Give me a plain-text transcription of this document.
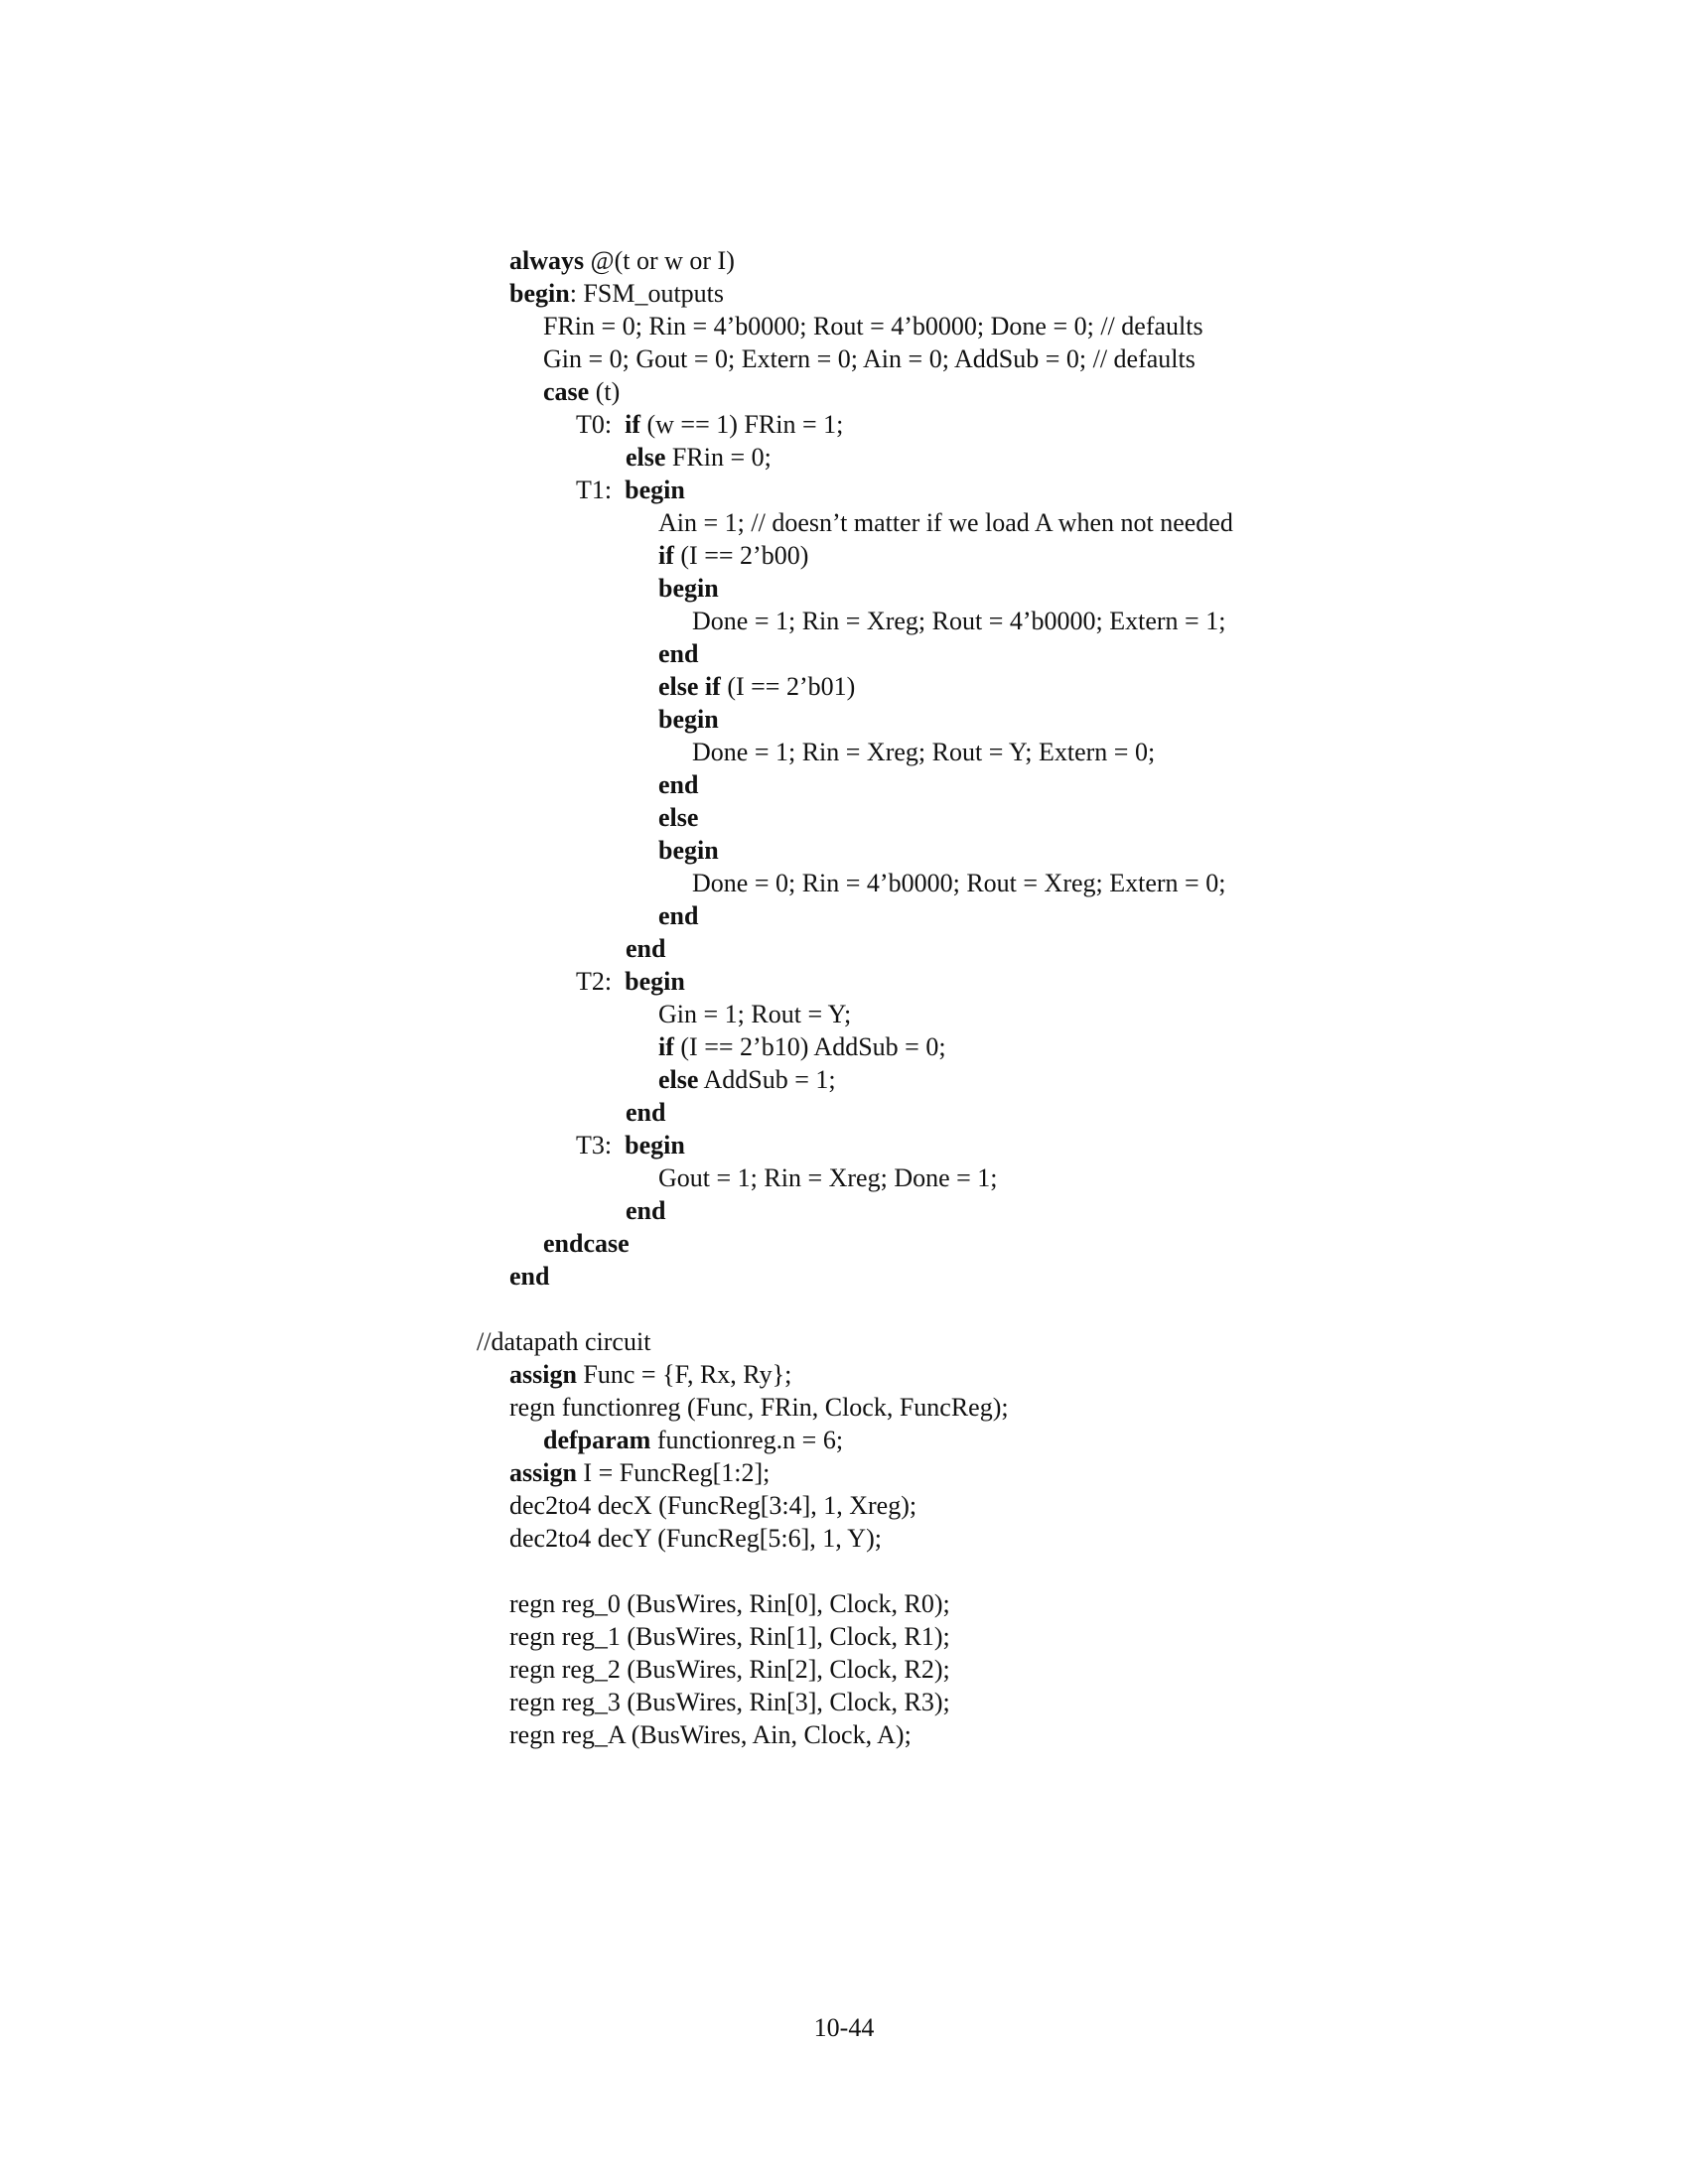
always @(t or w or I)
begin: FSM_outputs
FRin = 0; Rin = 4’b0000; Rout = 4’b0000; Done = 0; // defaults
Gin = 0; Gout = 0; Extern = 0; Ain = 0; AddSub = 0; // defaults
case (t)
T0:  if (w == 1) FRin = 1;
else FRin = 0;
T1:  begin
Ain = 1; // doesn’t matter if we load A when not needed
if (I == 2’b00)
begin
Done = 1; Rin = Xreg; Rout = 4’b0000; Extern = 1;
end
else if (I == 2’b01)
begin
Done = 1; Rin = Xreg; Rout = Y; Extern = 0;
end
else
begin
Done = 0; Rin = 4’b0000; Rout = Xreg; Extern = 0;
end
end
T2:  begin
Gin = 1; Rout = Y;
if (I == 2’b10) AddSub = 0;
else AddSub = 1;
end
T3:  begin
Gout = 1; Rin = Xreg; Done = 1;
end
endcase
end
//datapath circuit
assign Func = {F, Rx, Ry};
regn functionreg (Func, FRin, Clock, FuncReg);
defparam functionreg.n = 6;
assign I = FuncReg[1:2];
dec2to4 decX (FuncReg[3:4], 1, Xreg);
dec2to4 decY (FuncReg[5:6], 1, Y);
regn reg_0 (BusWires, Rin[0], Clock, R0);
regn reg_1 (BusWires, Rin[1], Clock, R1);
regn reg_2 (BusWires, Rin[2], Clock, R2);
regn reg_3 (BusWires, Rin[3], Clock, R3);
regn reg_A (BusWires, Ain, Clock, A);
10-44
